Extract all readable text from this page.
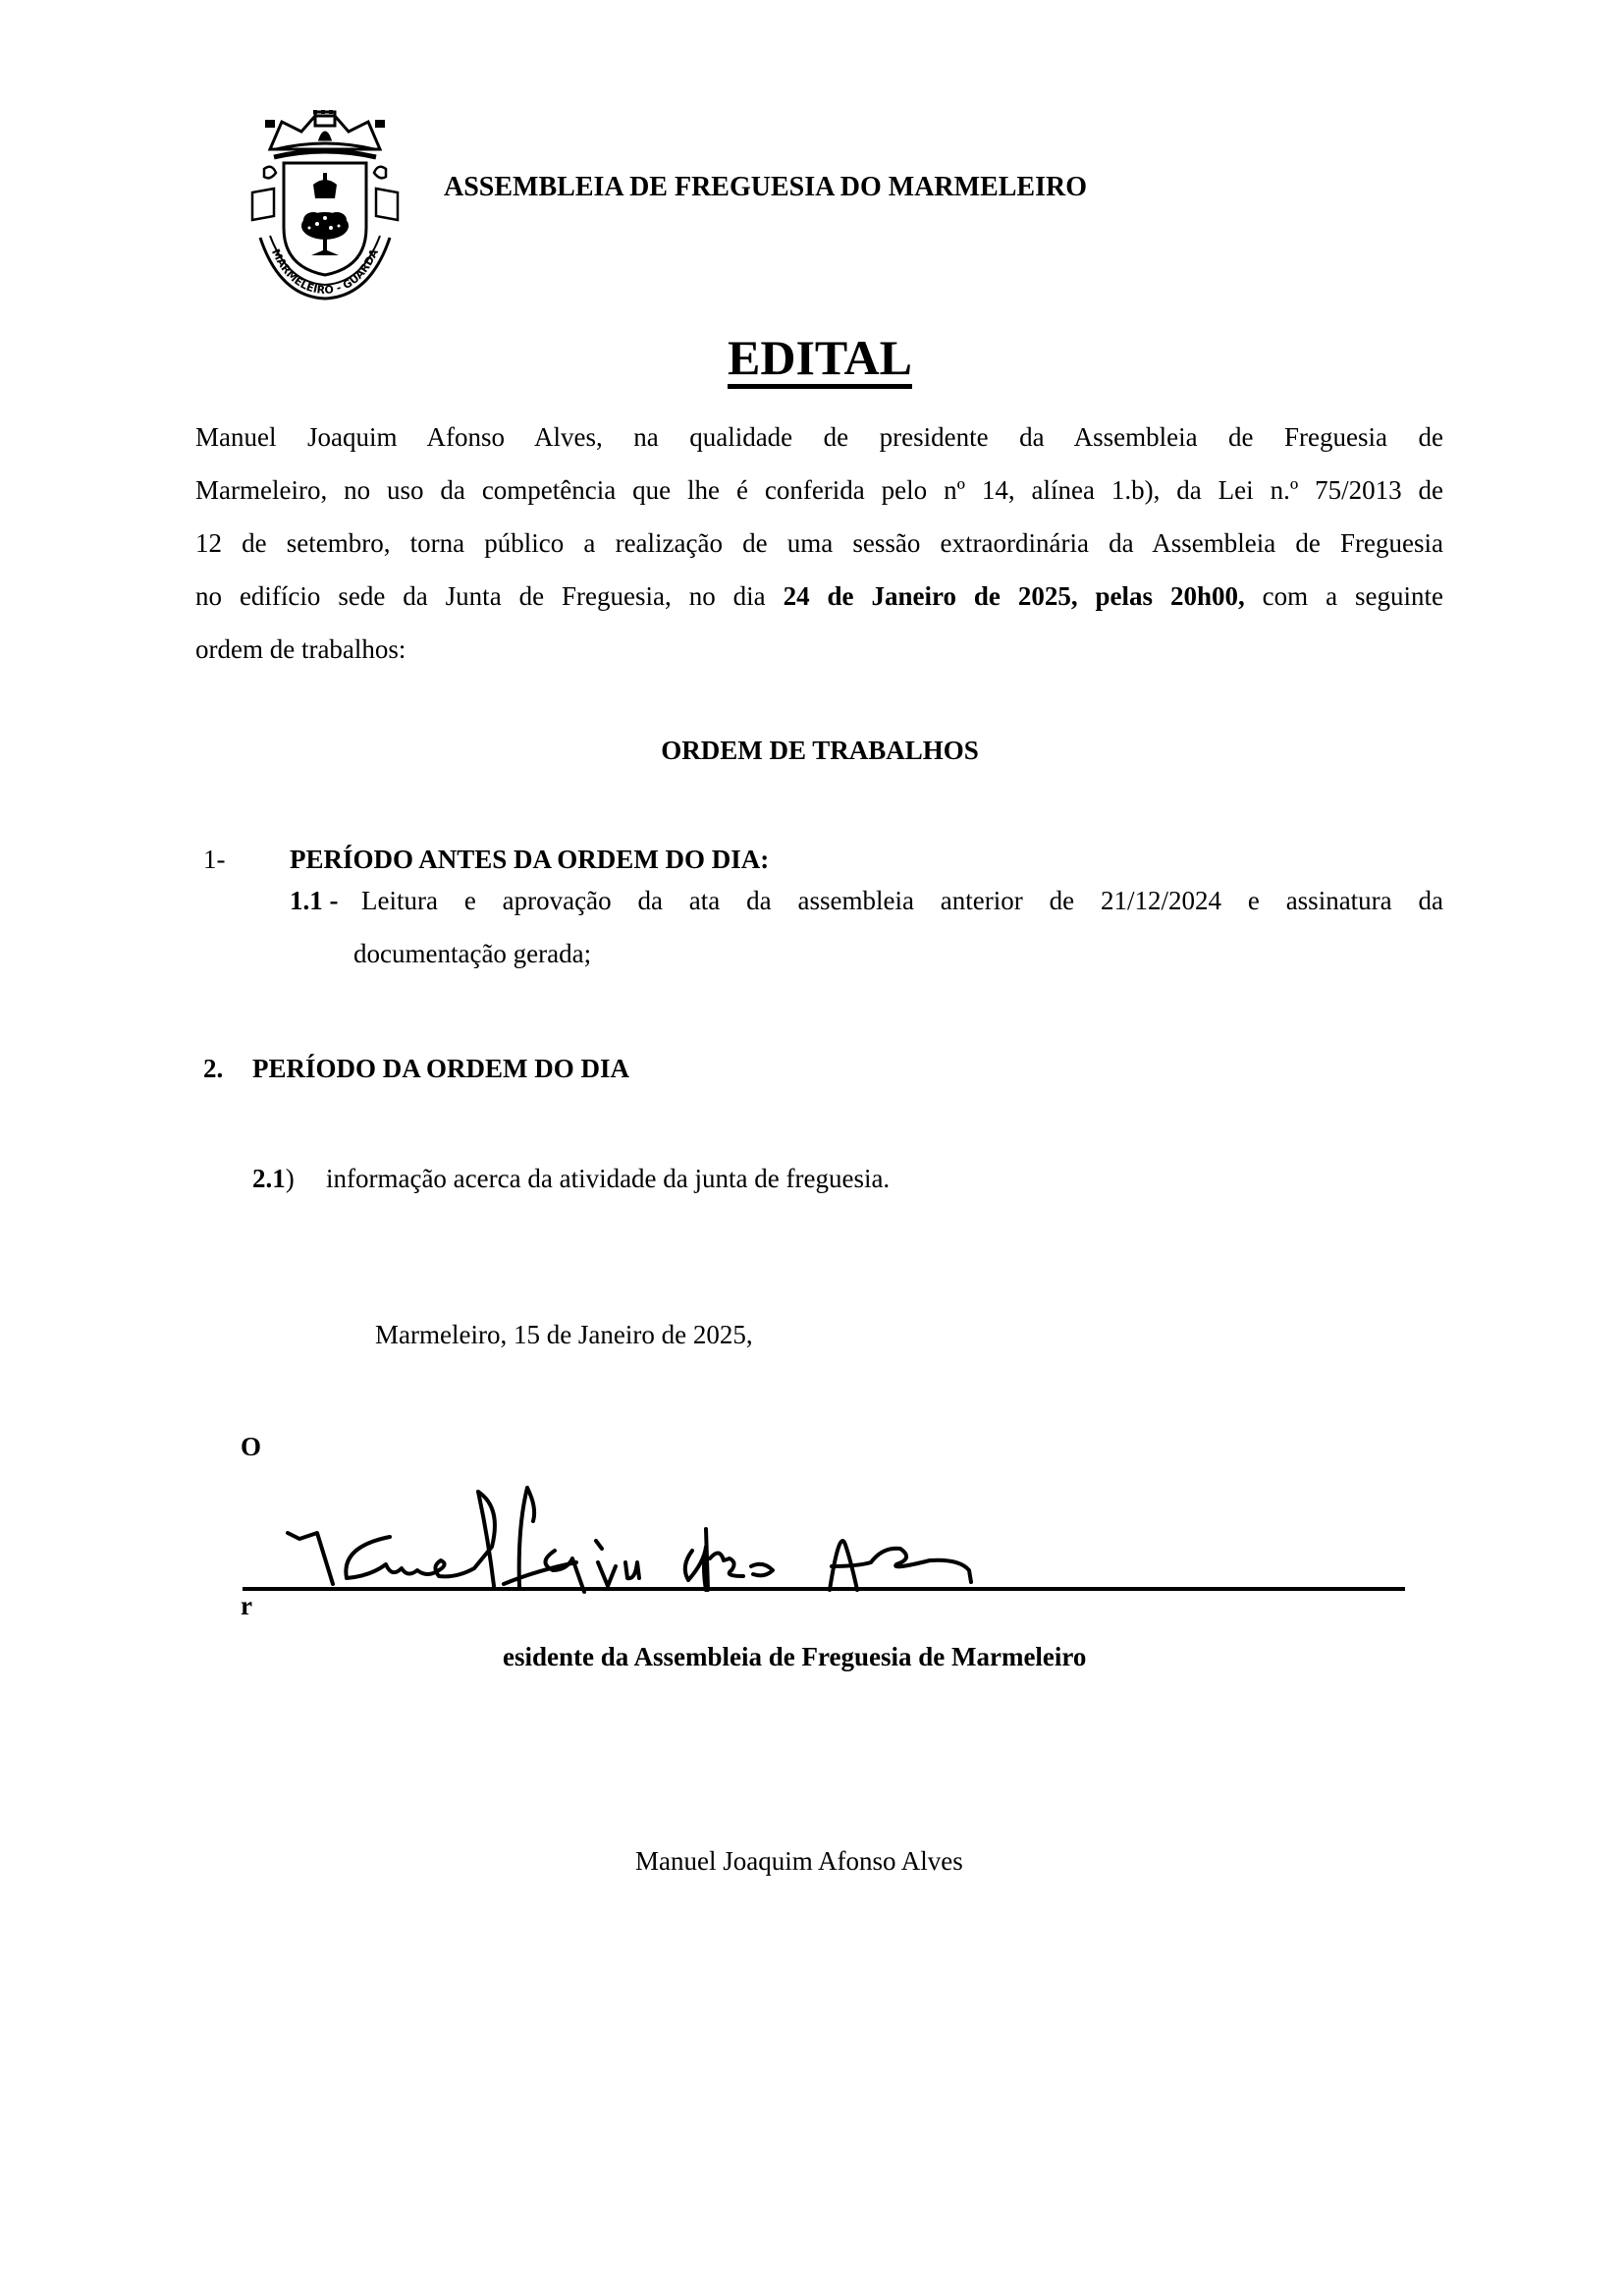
MARMELEIRO - GUARDA
ASSEMBLEIA DE FREGUESIA DO MARMELEIRO
EDITAL
Manuel Joaquim Afonso Alves, na qualidade de presidente da Assembleia de Freguesia de
Marmeleiro, no uso da competência que lhe é conferida pelo nº 14, alínea 1.b), da Lei n.º 75/2013 de
12 de setembro, torna público a realização de uma sessão extraordinária da Assembleia de Freguesia
no edifício sede da Junta de Freguesia, no dia 24 de Janeiro de 2025, pelas 20h00, com a seguinte
ordem de trabalhos:
ORDEM DE TRABALHOS
1- PERÍODO ANTES DA ORDEM DO DIA:
1.1 - Leitura e aprovação da ata da assembleia anterior de 21/12/2024 e assinatura da
documentação gerada;
2. PERÍODO DA ORDEM DO DIA
2.1) informação acerca da atividade da junta de freguesia.
Marmeleiro, 15 de Janeiro de 2025,
O
r
esidente da Assembleia de Freguesia de Marmeleiro
Manuel Joaquim Afonso Alves
